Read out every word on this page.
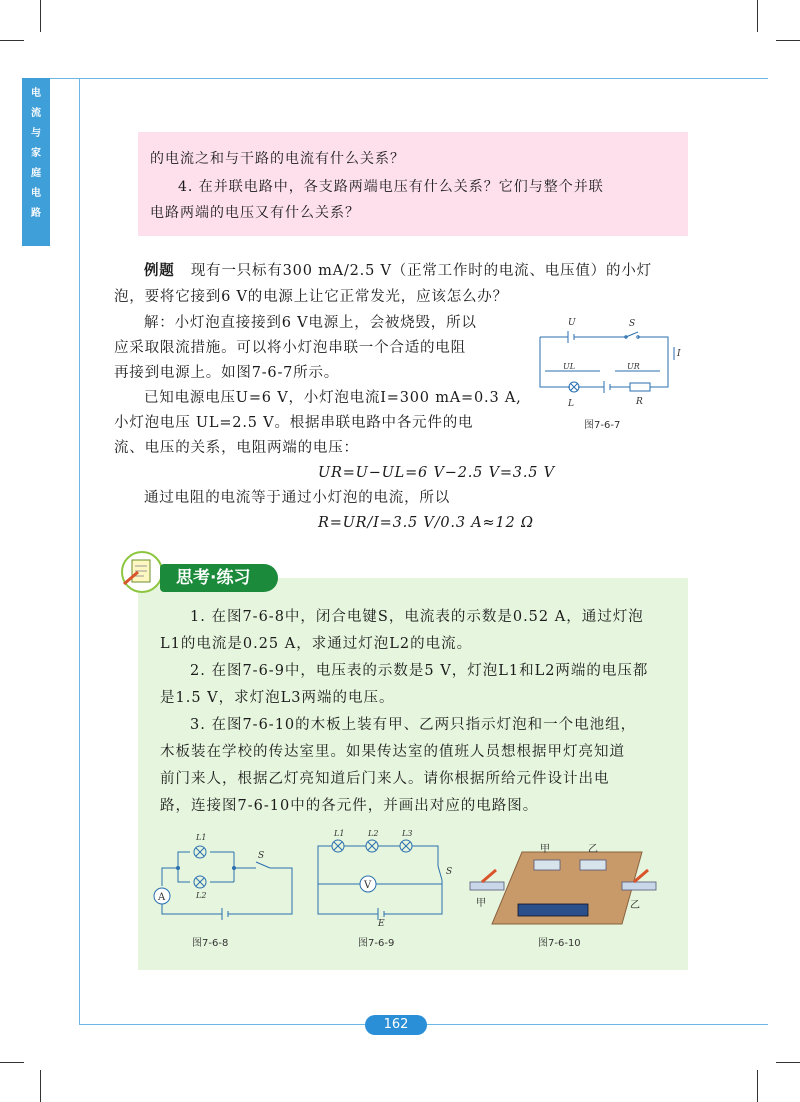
电
流
与
家
庭
电
路

的电流之和与干路的电流有什么关系？

4. 在并联电路中，各支路两端电压有什么关系？它们与整个并联

电路两端的电压又有什么关系？

例题 现有一只标有300 mA/2.5 V（正常工作时的电流、电压值）的小灯
泡，要将它接到6 V的电源上让它正常发光，应该怎么办？
解：小灯泡直接接到6 V电源上，会被烧毁，所以
应采取限流措施。可以将小灯泡串联一个合适的电阻
再接到电源上。如图7-6-7所示。
已知电源电压U=6 V，小灯泡电流I=300 mA=0.3 A,
小灯泡电压 UL=2.5 V。根据串联电路中各元件的电
流、电压的关系，电阻两端的电压：
UR=U−UL=6 V−2.5 V=3.5 V
通过电阻的电流等于通过小灯泡的电流，所以
R=UR/I=3.5 V/0.3 A≈12 Ω
U	S
I
UL	UR
L	R
图7-6-7
思考·练习
1. 在图7-6-8中，闭合电键S，电流表的示数是0.52 A，通过灯泡
L1的电流是0.25 A，求通过灯泡L2的电流。
2. 在图7-6-9中，电压表的示数是5 V，灯泡L1和L2两端的电压都
是1.5 V，求灯泡L3两端的电压。
3. 在图7-6-10的木板上装有甲、乙两只指示灯泡和一个电池组，
木板装在学校的传达室里。如果传达室的值班人员想根据甲灯亮知道
前门来人，根据乙灯亮知道后门来人。请你根据所给元件设计出电
路，连接图7-6-10中的各元件，并画出对应的电路图。
A
L1
L2
S
图7-6-8
V
L1	L2	L3
S
E
图7-6-9
甲	乙
甲	乙
图7-6-10
162
